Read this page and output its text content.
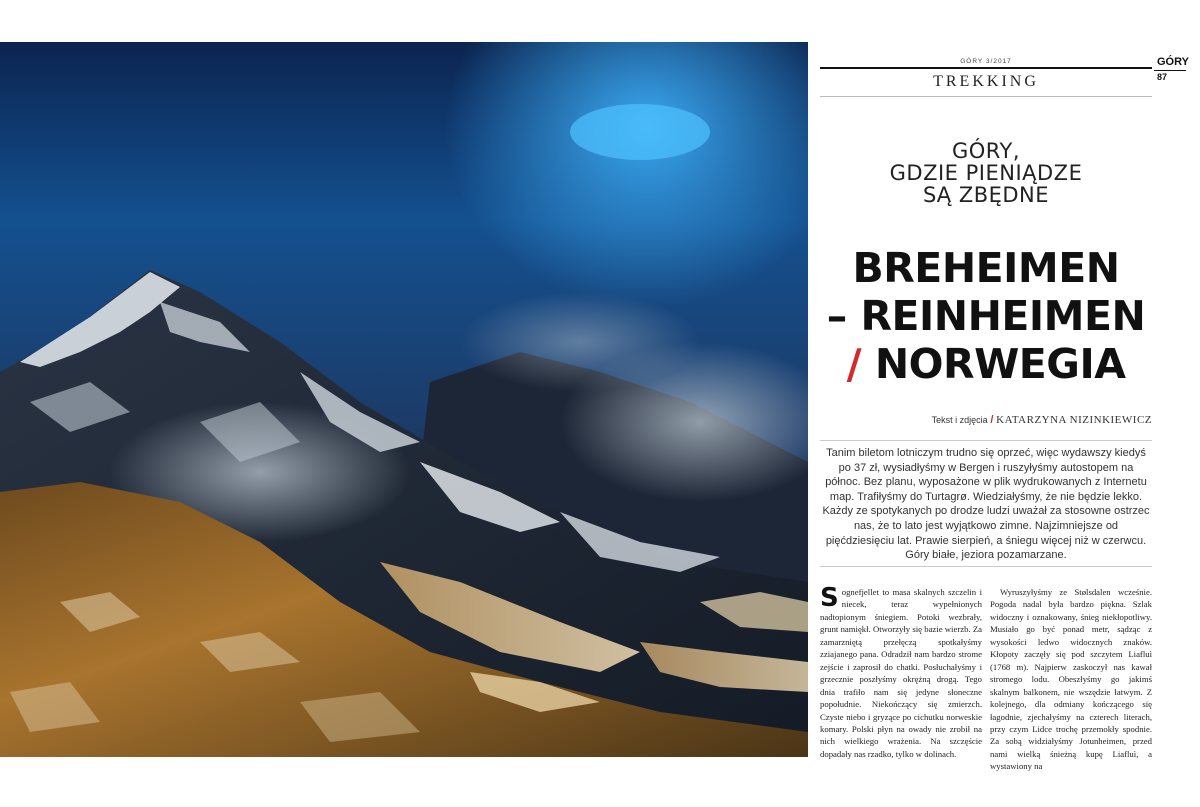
GÓRY 3/2017
TREKKING
GÓRY
87
GÓRY,
GDZIE PIENIĄDZE
SĄ ZBĘDNE
BREHEIMEN
– REINHEIMEN
/ NORWEGIA
Tekst i zdjęcia / KATARZYNA NIZINKIEWICZ
Tanim biletom lotniczym trudno się oprzeć, więc wydawszy kiedyś po 37 zł, wysiadłyśmy w Bergen i ruszyłyśmy autostopem na północ. Bez planu, wyposażone w plik wydrukowanych z Internetu map. Trafiłyśmy do Turtagrø. Wiedziałyśmy, że nie będzie lekko. Każdy ze spotykanych po drodze ludzi uważał za stosowne ostrzec nas, że to lato jest wyjątkowo zimne. Najzimniejsze od pięćdziesięciu lat. Prawie sierpień, a śniegu więcej niż w czerwcu. Góry białe, jeziora pozamarzane.
Sognefjellet to masa skalnych szczelin i niecek, teraz wypełnionych nadtopionym śniegiem. Potoki wezbrały, grunt namiękł. Otworzyły się bazie wierzb. Za zamarzniętą przełęczą spotkałyśmy zziajanego pana. Odradził nam bardzo strome zejście i zaprosił do chatki. Posłuchałyśmy i grzecznie poszłyśmy okrężną drogą. Tego dnia trafiło nam się jedyne słoneczne popołudnie. Niekończący się zmierzch. Czyste niebo i gryzące po cichutku norweskie komary. Polski płyn na owady nie zrobił na nich wielkiego wrażenia. Na szczęście dopadały nas rzadko, tylko w dolinach.
Wyruszyłyśmy ze Stølsdalen wcześnie. Pogoda nadal była bardzo piękna. Szlak widoczny i oznakowany, śnieg niekłopotliwy. Musiało go być ponad metr, sądząc z wysokości ledwo widocznych znaków. Kłopoty zaczęły się pod szczytem Liafluì (1768 m). Najpierw zaskoczył nas kawał stromego lodu. Obeszłyśmy go jakimś skalnym balkonem, nie wszędzie łatwym. Z kolejnego, dla odmiany kończącego się łagodnie, zjechałyśmy na czterech literach, przy czym Lidce trochę przemokły spodnie. Za sobą widziałyśmy Jotunheimen, przed nami wielką śnieżną kupę Liafluì, a wystawiony na
